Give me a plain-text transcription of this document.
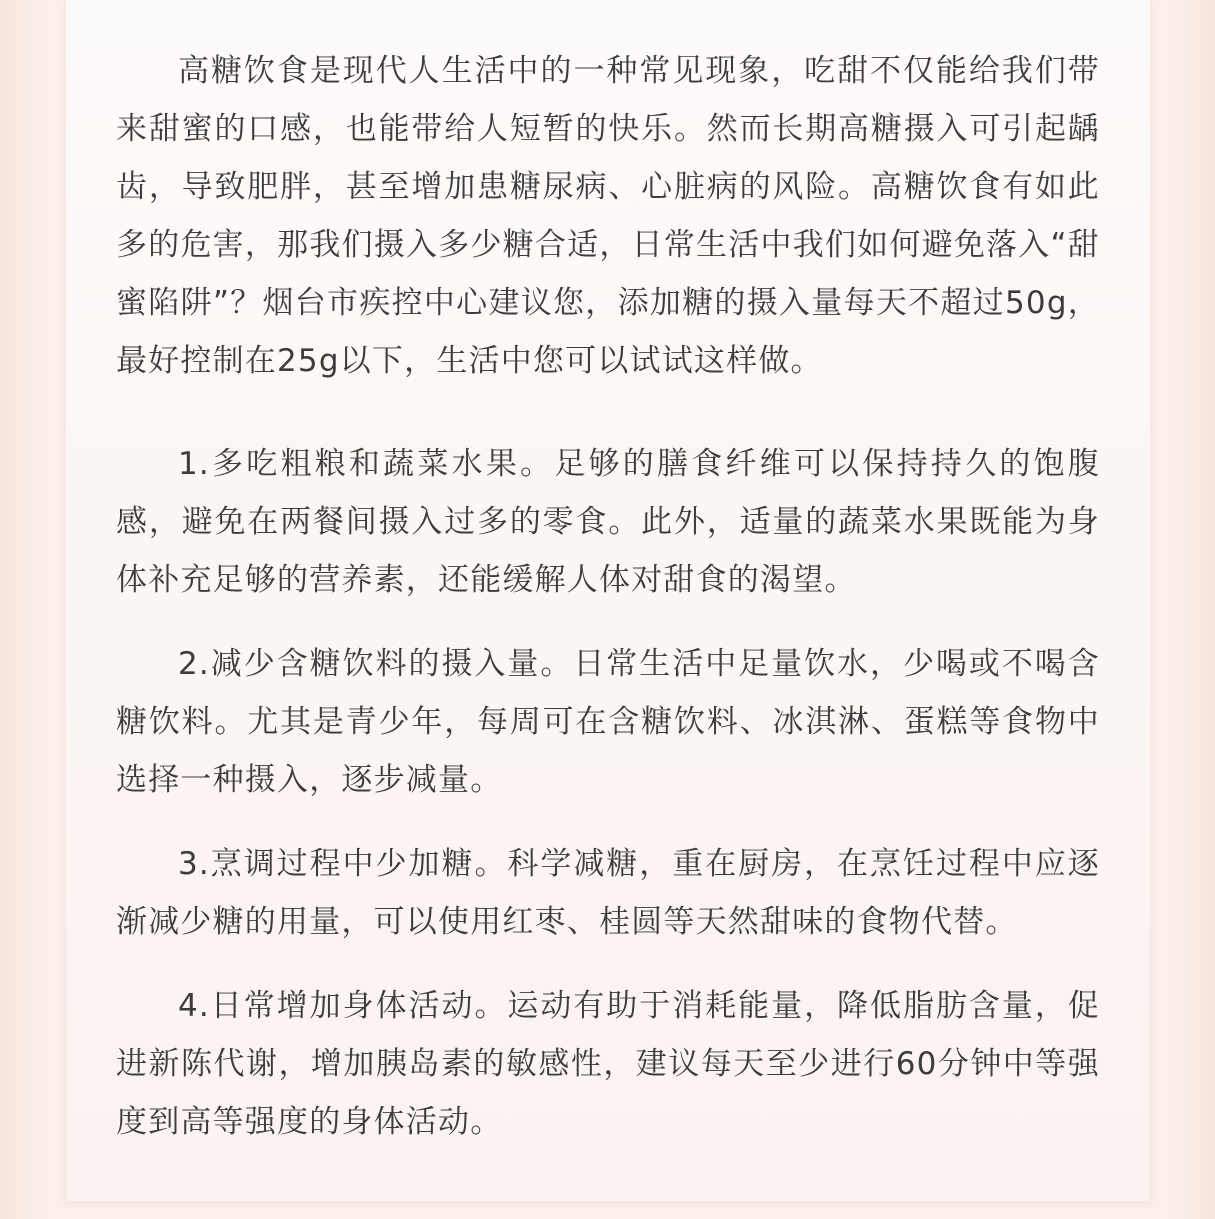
高糖饮食是现代人生活中的一种常见现象，吃甜不仅能给我们带来甜蜜的口感，也能带给人短暂的快乐。然而长期高糖摄入可引起龋齿，导致肥胖，甚至增加患糖尿病、心脏病的风险。高糖饮食有如此多的危害，那我们摄入多少糖合适，日常生活中我们如何避免落入“甜蜜陷阱”？烟台市疾控中心建议您，添加糖的摄入量每天不超过50g，最好控制在25g以下，生活中您可以试试这样做。

1.多吃粗粮和蔬菜水果。足够的膳食纤维可以保持持久的饱腹感，避免在两餐间摄入过多的零食。此外，适量的蔬菜水果既能为身体补充足够的营养素，还能缓解人体对甜食的渴望。

2.减少含糖饮料的摄入量。日常生活中足量饮水，少喝或不喝含糖饮料。尤其是青少年，每周可在含糖饮料、冰淇淋、蛋糕等食物中选择一种摄入，逐步减量。

3.烹调过程中少加糖。科学减糖，重在厨房，在烹饪过程中应逐渐减少糖的用量，可以使用红枣、桂圆等天然甜味的食物代替。

4.日常增加身体活动。运动有助于消耗能量，降低脂肪含量，促进新陈代谢，增加胰岛素的敏感性，建议每天至少进行60分钟中等强度到高等强度的身体活动。
